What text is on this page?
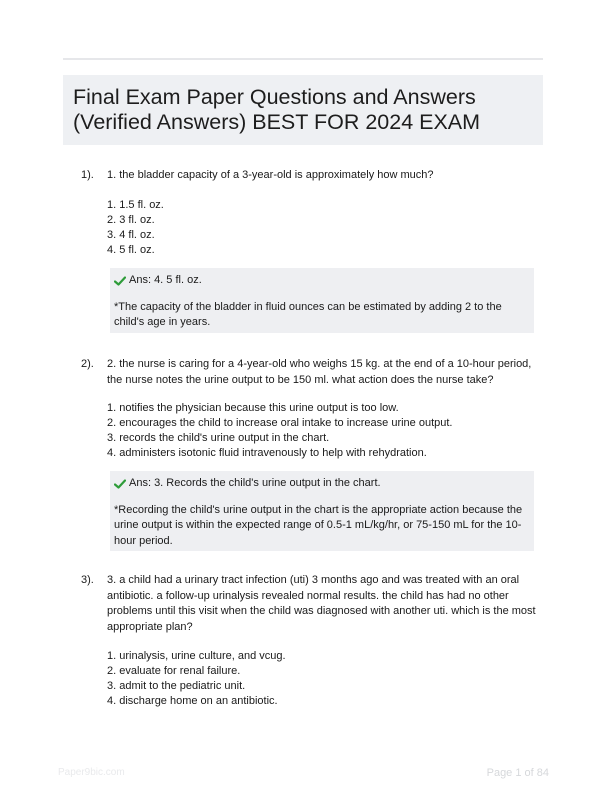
Final Exam Paper Questions and Answers (Verified Answers) BEST FOR 2024 EXAM
1). 1. the bladder capacity of a 3-year-old is approximately how much?
1. 1.5 fl. oz.
2. 3 fl. oz.
3. 4 fl. oz.
4. 5 fl. oz.
Ans: 4. 5 fl. oz.
*The capacity of the bladder in fluid ounces can be estimated by adding 2 to the child's age in years.
2). 2. the nurse is caring for a 4-year-old who weighs 15 kg. at the end of a 10-hour period, the nurse notes the urine output to be 150 ml. what action does the nurse take?
1. notifies the physician because this urine output is too low.
2. encourages the child to increase oral intake to increase urine output.
3. records the child's urine output in the chart.
4. administers isotonic fluid intravenously to help with rehydration.
Ans: 3. Records the child's urine output in the chart.
*Recording the child's urine output in the chart is the appropriate action because the urine output is within the expected range of 0.5-1 mL/kg/hr, or 75-150 mL for the 10-hour period.
3). 3. a child had a urinary tract infection (uti) 3 months ago and was treated with an oral antibiotic. a follow-up urinalysis revealed normal results. the child has had no other problems until this visit when the child was diagnosed with another uti. which is the most appropriate plan?
1. urinalysis, urine culture, and vcug.
2. evaluate for renal failure.
3. admit to the pediatric unit.
4. discharge home on an antibiotic.
Paper9bic.com	Page 1 of 84
